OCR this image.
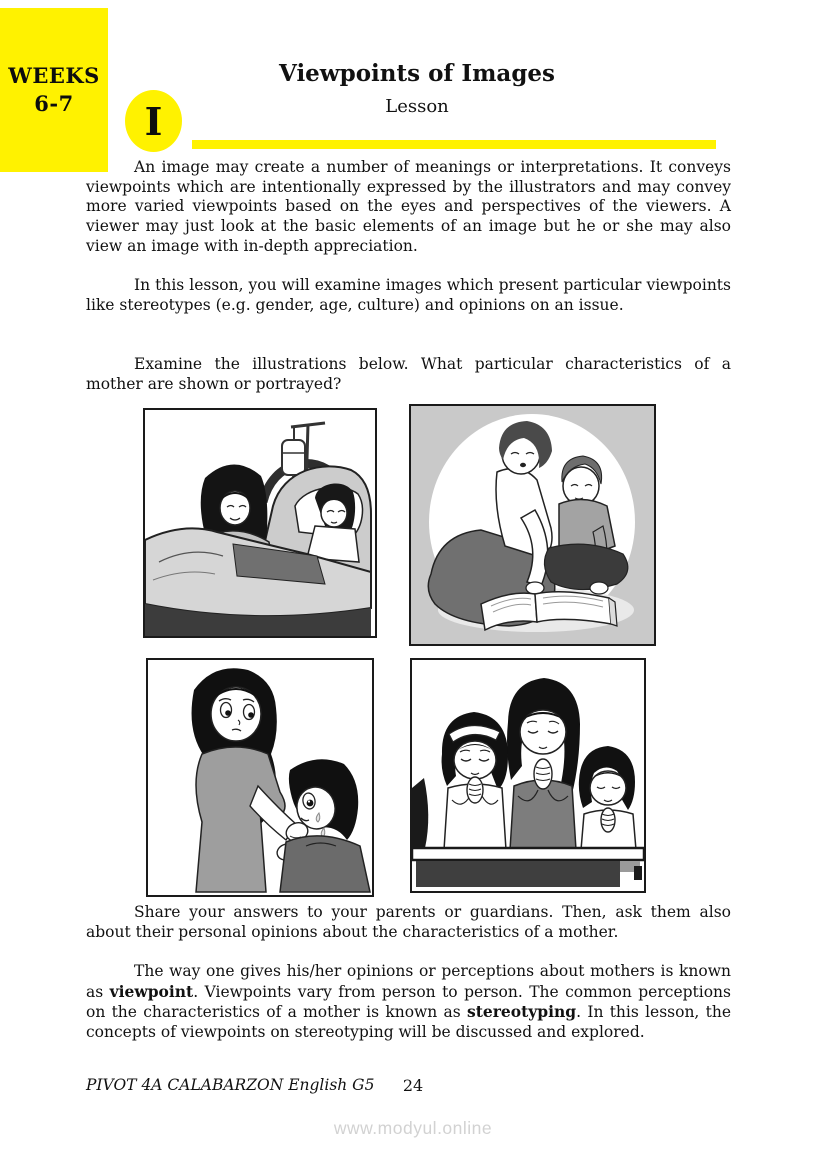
WEEKS
6-7
Viewpoints of Images
Lesson
I

An image may create a number of meanings or interpretations. It conveys viewpoints which are intentionally expressed by the illustrators and may convey more varied viewpoints based on the eyes and perspectives of the viewers. A viewer may just look at the basic elements of an image but he or she may also view an image with in-depth appreciation.

In this lesson, you will examine images which present particular viewpoints like stereotypes (e.g. gender, age, culture) and opinions on an issue.

Examine the illustrations below. What particular characteristics of a mother are shown or portrayed?

Share your answers to your parents or guardians. Then, ask them also about their personal opinions about the characteristics of a mother.

The way one gives his/her opinions or perceptions about mothers is known as viewpoint. Viewpoints vary from person to person. The common perceptions on the characteristics of a mother is known as stereotyping. In this lesson, the concepts of viewpoints on stereotyping will be discussed and explored.

PIVOT 4A CALABARZON English G5	24
www.modyul.online
